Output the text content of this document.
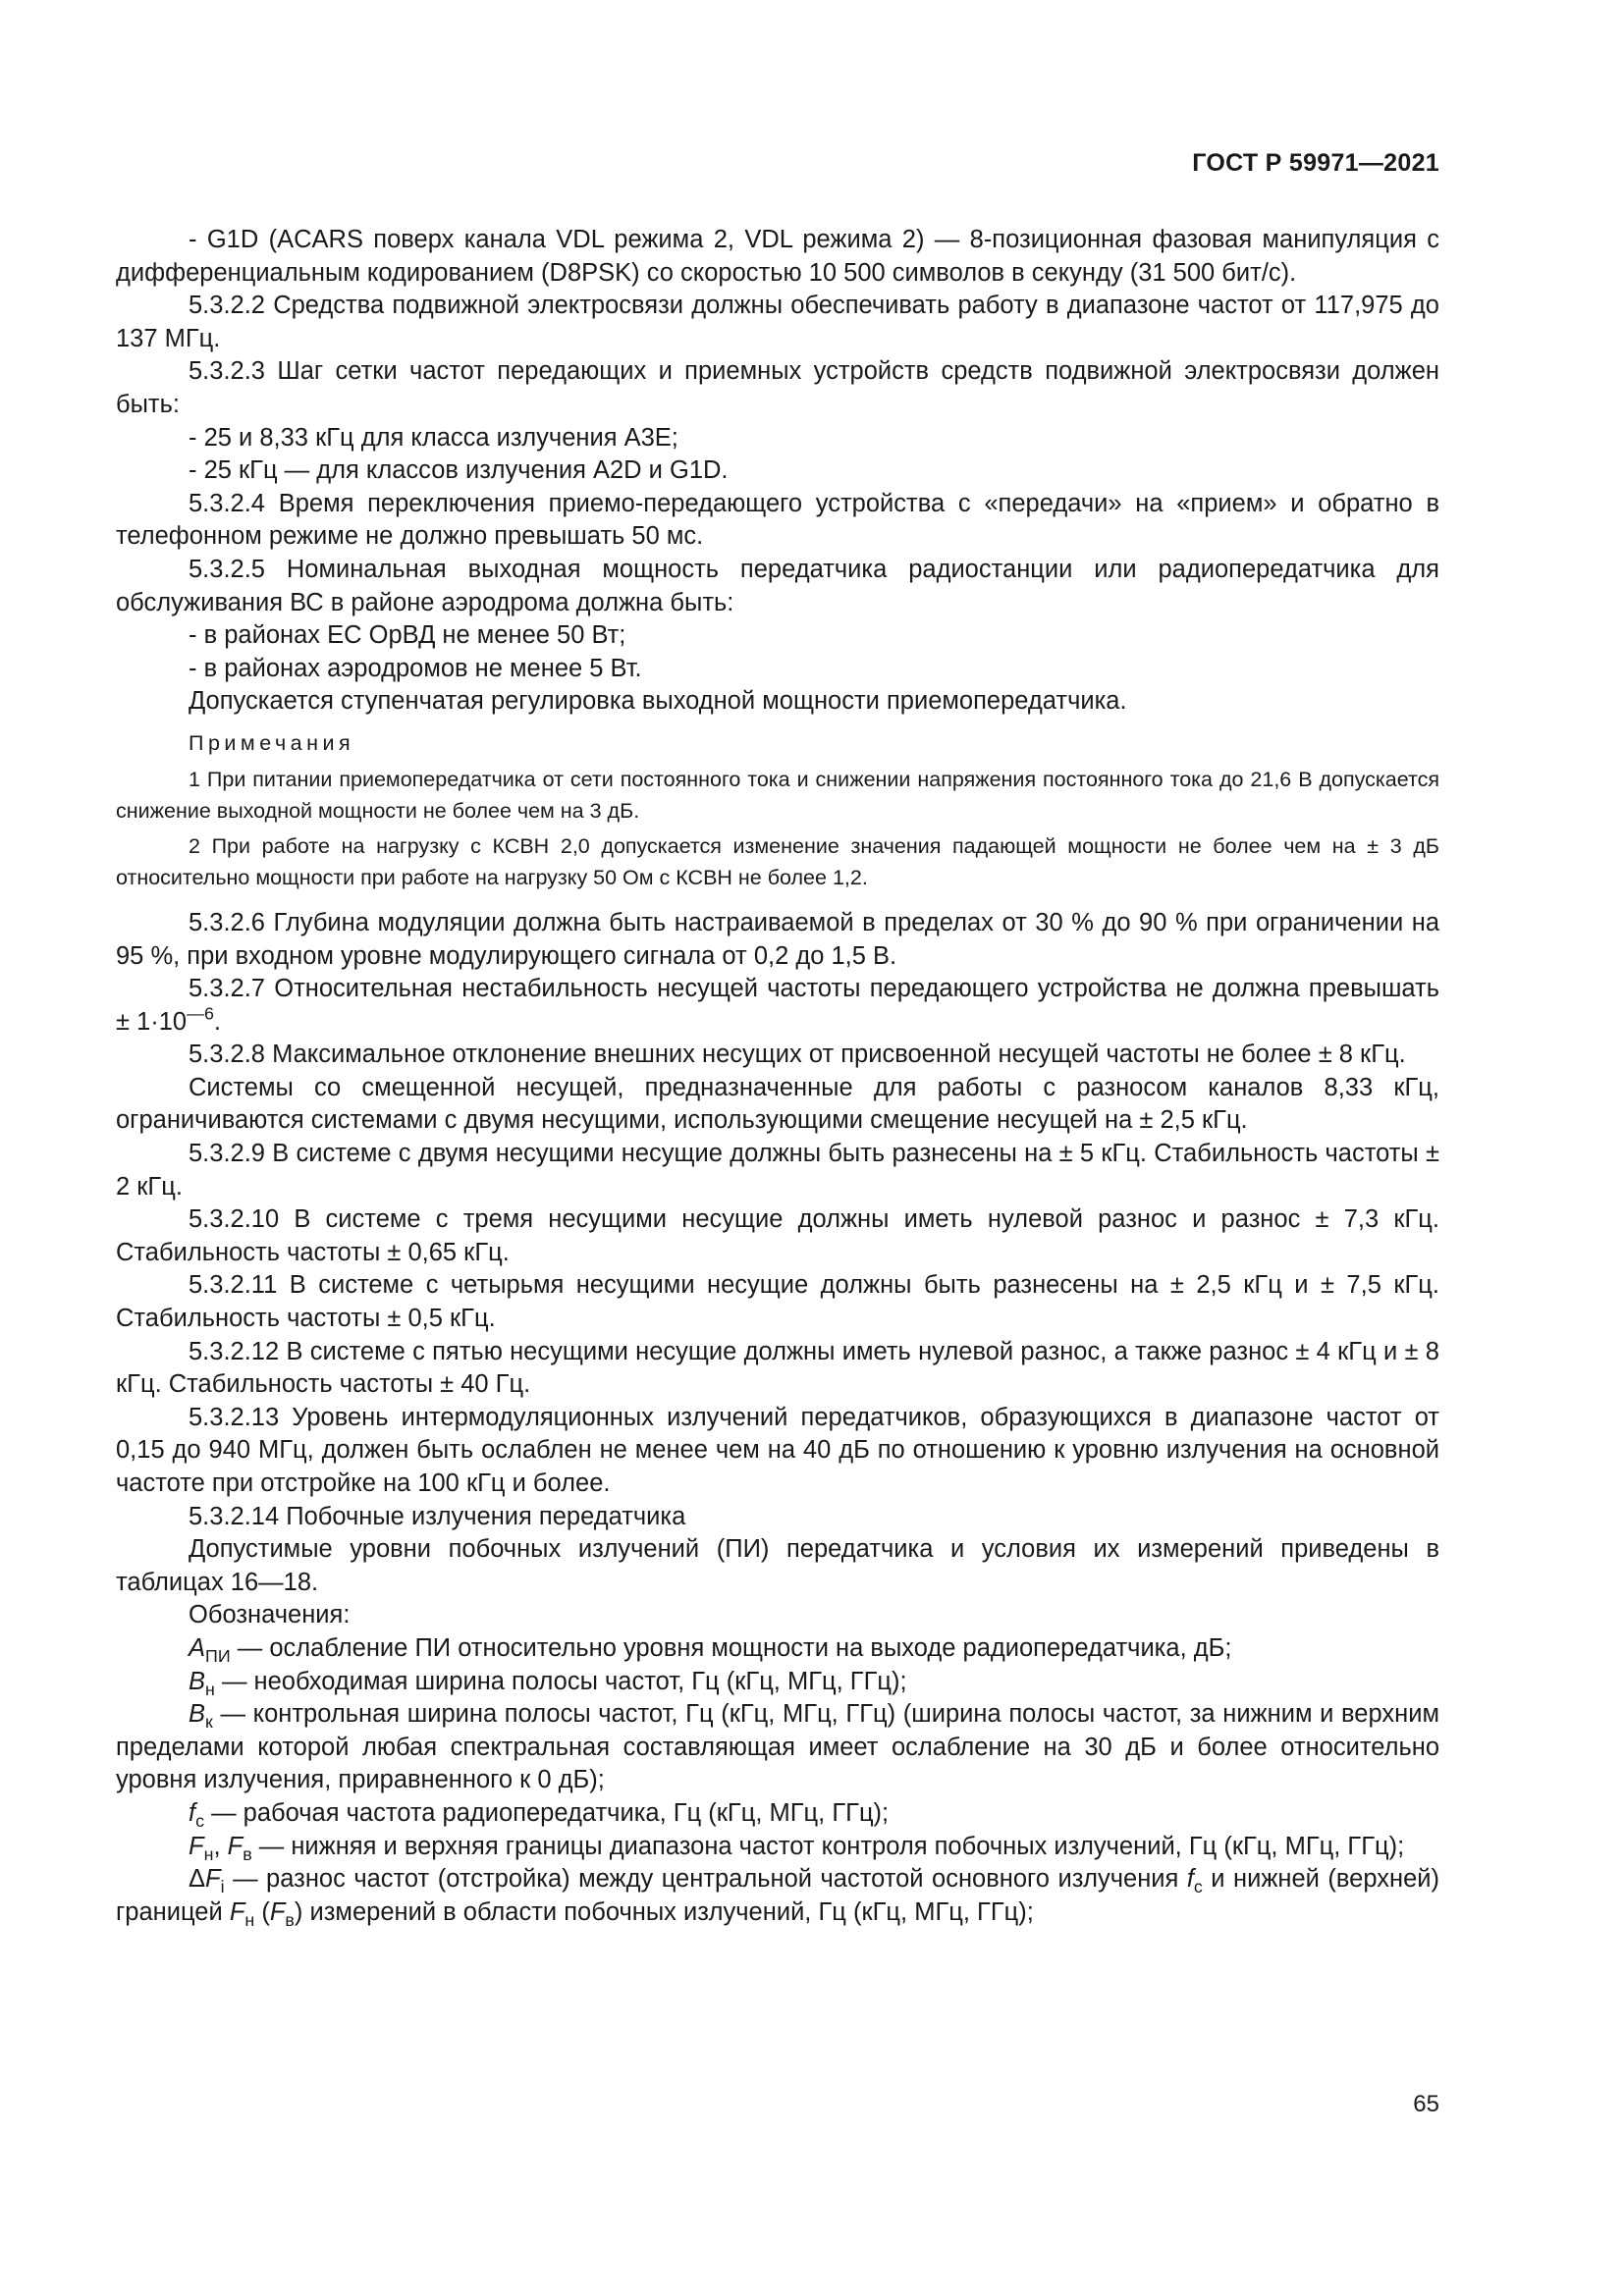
ГОСТ Р 59971—2021

- G1D (ACARS поверх канала VDL режима 2, VDL режима 2) — 8-позиционная фазовая манипуляция с дифференциальным кодированием (D8PSK) со скоростью 10 500 символов в секунду (31 500 бит/с).

5.3.2.2 Средства подвижной электросвязи должны обеспечивать работу в диапазоне частот от 117,975 до 137 МГц.

5.3.2.3 Шаг сетки частот передающих и приемных устройств средств подвижной электросвязи должен быть:

- 25 и 8,33 кГц для класса излучения A3E;

- 25 кГц — для классов излучения A2D и G1D.

5.3.2.4 Время переключения приемо-передающего устройства с «передачи» на «прием» и обратно в телефонном режиме не должно превышать 50 мс.

5.3.2.5 Номинальная выходная мощность передатчика радиостанции или радиопередатчика для обслуживания ВС в районе аэродрома должна быть:

- в районах ЕС ОрВД не менее 50 Вт;

- в районах аэродромов не менее 5 Вт.

Допускается ступенчатая регулировка выходной мощности приемопередатчика.

Примечания

1 При питании приемопередатчика от сети постоянного тока и снижении напряжения постоянного тока до 21,6 В допускается снижение выходной мощности не более чем на 3 дБ.

2 При работе на нагрузку с КСВН 2,0 допускается изменение значения падающей мощности не более чем на ± 3 дБ относительно мощности при работе на нагрузку 50 Ом с КСВН не более 1,2.

5.3.2.6 Глубина модуляции должна быть настраиваемой в пределах от 30 % до 90 % при ограничении на 95 %, при входном уровне модулирующего сигнала от 0,2 до 1,5 В.

5.3.2.7 Относительная нестабильность несущей частоты передающего устройства не должна превышать ± $1\cdot 10^{—6}$.

5.3.2.8 Максимальное отклонение внешних несущих от присвоенной несущей частоты не более ± 8 кГц.

Системы со смещенной несущей, предназначенные для работы с разносом каналов 8,33 кГц, ограничиваются системами с двумя несущими, использующими смещение несущей на ± 2,5 кГц.

5.3.2.9 В системе с двумя несущими несущие должны быть разнесены на ± 5 кГц. Стабильность частоты ± 2 кГц.

5.3.2.10 В системе с тремя несущими несущие должны иметь нулевой разнос и разнос ± 7,3 кГц. Стабильность частоты ± 0,65 кГц.

5.3.2.11 В системе с четырьмя несущими несущие должны быть разнесены на ± 2,5 кГц и ± 7,5 кГц. Стабильность частоты ± 0,5 кГц.

5.3.2.12 В системе с пятью несущими несущие должны иметь нулевой разнос, а также разнос ± 4 кГц и ± 8 кГц. Стабильность частоты ± 40 Гц.

5.3.2.13 Уровень интермодуляционных излучений передатчиков, образующихся в диапазоне частот от 0,15 до 940 МГц, должен быть ослаблен не менее чем на 40 дБ по отношению к уровню излучения на основной частоте при отстройке на 100 кГц и более.

5.3.2.14 Побочные излучения передатчика

Допустимые уровни побочных излучений (ПИ) передатчика и условия их измерений приведены в таблицах 16—18.

Обозначения:

$A_{ПИ}$ — ослабление ПИ относительно уровня мощности на выходе радиопередатчика, дБ;

$B_н$ — необходимая ширина полосы частот, Гц (кГц, МГц, ГГц);

$B_к$ — контрольная ширина полосы частот, Гц (кГц, МГц, ГГц) (ширина полосы частот, за нижним и верхним пределами которой любая спектральная составляющая имеет ослабление на 30 дБ и более относительно уровня излучения, приравненного к 0 дБ);

$f_c$ — рабочая частота радиопередатчика, Гц (кГц, МГц, ГГц);

$F_н$, $F_в$ — нижняя и верхняя границы диапазона частот контроля побочных излучений, Гц (кГц, МГц, ГГц);

$\Delta F_i$ — разнос частот (отстройка) между центральной частотой основного излучения $f_c$ и нижней (верхней) границей $F_н$ $(F_в)$ измерений в области побочных излучений, Гц (кГц, МГц, ГГц);

65
